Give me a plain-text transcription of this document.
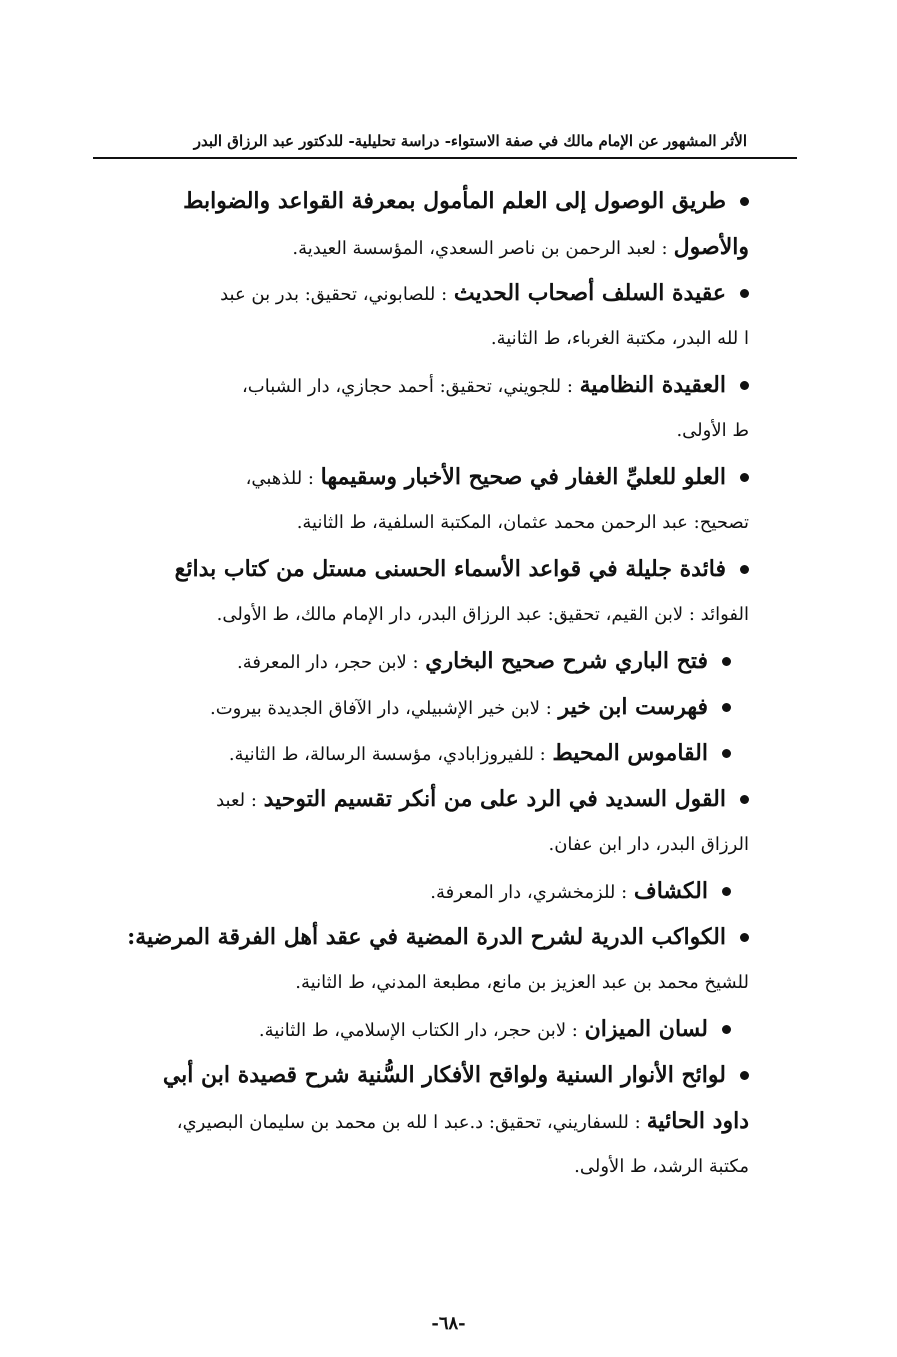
الأثر المشهور عن الإمام مالك في صفة الاستواء- دراسة تحليلية- للدكتور عبد الرزاق البدر
طريق الوصول إلى العلم المأمول بمعرفة القواعد والضوابط
والأصول

: لعبد الرحمن بن ناصر السعدي، المؤسسة العيدية.
عقيدة السلف أصحاب الحديث

: للصابوني، تحقيق: بدر بن عبد
ا لله البدر، مكتبة الغرباء، ط الثانية.
العقيدة النظامية

: للجويني، تحقيق: أحمد حجازي، دار الشباب،
ط الأولى.
العلو للعليِّ الغفار في صحيح الأخبار وسقيمها

: للذهبي،
تصحيح: عبد الرحمن محمد عثمان، المكتبة السلفية، ط الثانية.
فائدة جليلة في قواعد الأسماء الحسنى مستل من كتاب بدائع
الفوائد : لابن القيم، تحقيق: عبد الرزاق البدر، دار الإمام مالك، ط الأولى.
فتح الباري شرح صحيح البخاري

: لابن حجر، دار المعرفة.
فهرست ابن خير

: لابن خير الإشبيلي، دار الآفاق الجديدة بيروت.
القاموس المحيط

: للفيروزابادي، مؤسسة الرسالة، ط الثانية.
القول السديد في الرد على من أنكر تقسيم التوحيد

: لعبد
الرزاق البدر، دار ابن عفان.
الكشاف

: للزمخشري، دار المعرفة.
الكواكب الدرية لشرح الدرة المضية في عقد أهل الفرقة المرضية:
للشيخ محمد بن عبد العزيز بن مانع، مطبعة المدني، ط الثانية.
لسان الميزان

: لابن حجر، دار الكتاب الإسلامي، ط الثانية.
لوائح الأنوار السنية ولواقح الأفكار السُّنية شرح قصيدة ابن أبي
داود الحائية

: للسفاريني، تحقيق: د.عبد ا لله بن محمد بن سليمان البصيري،
مكتبة الرشد، ط الأولى.
-٦٨-
